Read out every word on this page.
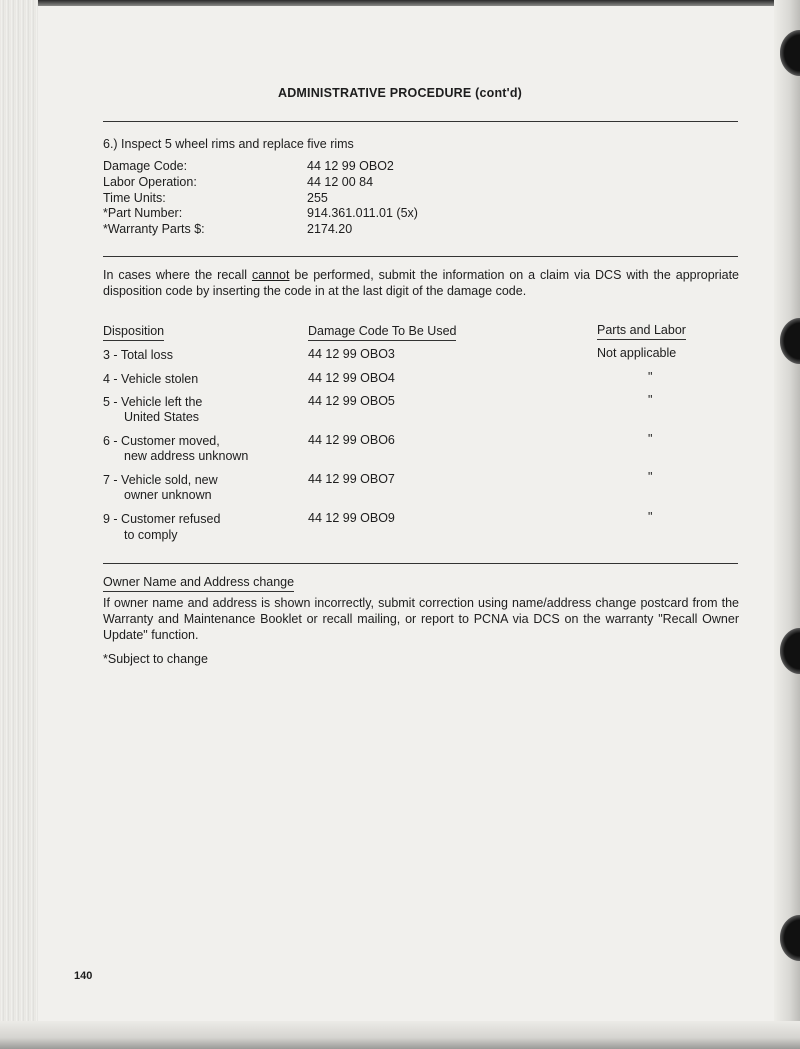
ADMINISTRATIVE PROCEDURE (cont'd)
6.) Inspect 5 wheel rims and replace five rims
Damage Code:	44 12 99 OBO2
Labor Operation:	44 12 00 84
Time Units:	255
*Part Number:	914.361.011.01 (5x)
*Warranty Parts $:	2174.20
In cases where the recall cannot be performed, submit the information on a claim via DCS with the appropriate disposition code by inserting the code in at the last digit of the damage code.
Disposition	Damage Code To Be Used	Parts and Labor
3 - Total loss	44 12 99 OBO3	Not applicable
4 - Vehicle stolen	44 12 99 OBO4	"
5 - Vehicle left the
United States
44 12 99 OBO5	"
6 - Customer moved,
new address unknown
44 12 99 OBO6	"
7 - Vehicle sold, new
owner unknown
44 12 99 OBO7	"
9 - Customer refused
to comply
44 12 99 OBO9	"
Owner Name and Address change
If owner name and address is shown incorrectly, submit correction using name/address change postcard from the Warranty and Maintenance Booklet or recall mailing, or report to PCNA via DCS on the warranty "Recall Owner Update" function.
*Subject to change
140
